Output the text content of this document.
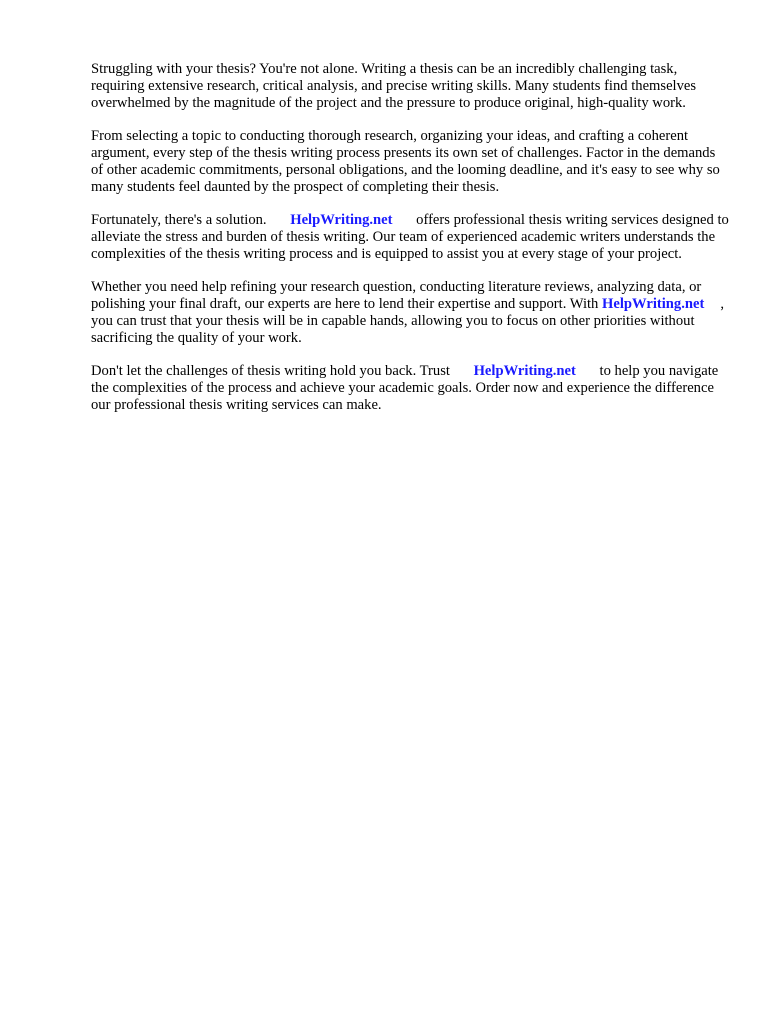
Struggling with your thesis? You're not alone. Writing a thesis can be an incredibly challenging task, requiring extensive research, critical analysis, and precise writing skills. Many students find themselves overwhelmed by the magnitude of the project and the pressure to produce original, high-quality work.

From selecting a topic to conducting thorough research, organizing your ideas, and crafting a coherent argument, every step of the thesis writing process presents its own set of challenges. Factor in the demands of other academic commitments, personal obligations, and the looming deadline, and it's easy to see why so many students feel daunted by the prospect of completing their thesis.

Fortunately, there's a solution. HelpWriting.net offers professional thesis writing services designed to alleviate the stress and burden of thesis writing. Our team of experienced academic writers understands the complexities of the thesis writing process and is equipped to assist you at every stage of your project.

Whether you need help refining your research question, conducting literature reviews, analyzing data, or polishing your final draft, our experts are here to lend their expertise and support. With HelpWriting.net , you can trust that your thesis will be in capable hands, allowing you to focus on other priorities without sacrificing the quality of your work.

Don't let the challenges of thesis writing hold you back. Trust HelpWriting.net to help you navigate the complexities of the process and achieve your academic goals. Order now and experience the difference our professional thesis writing services can make.
